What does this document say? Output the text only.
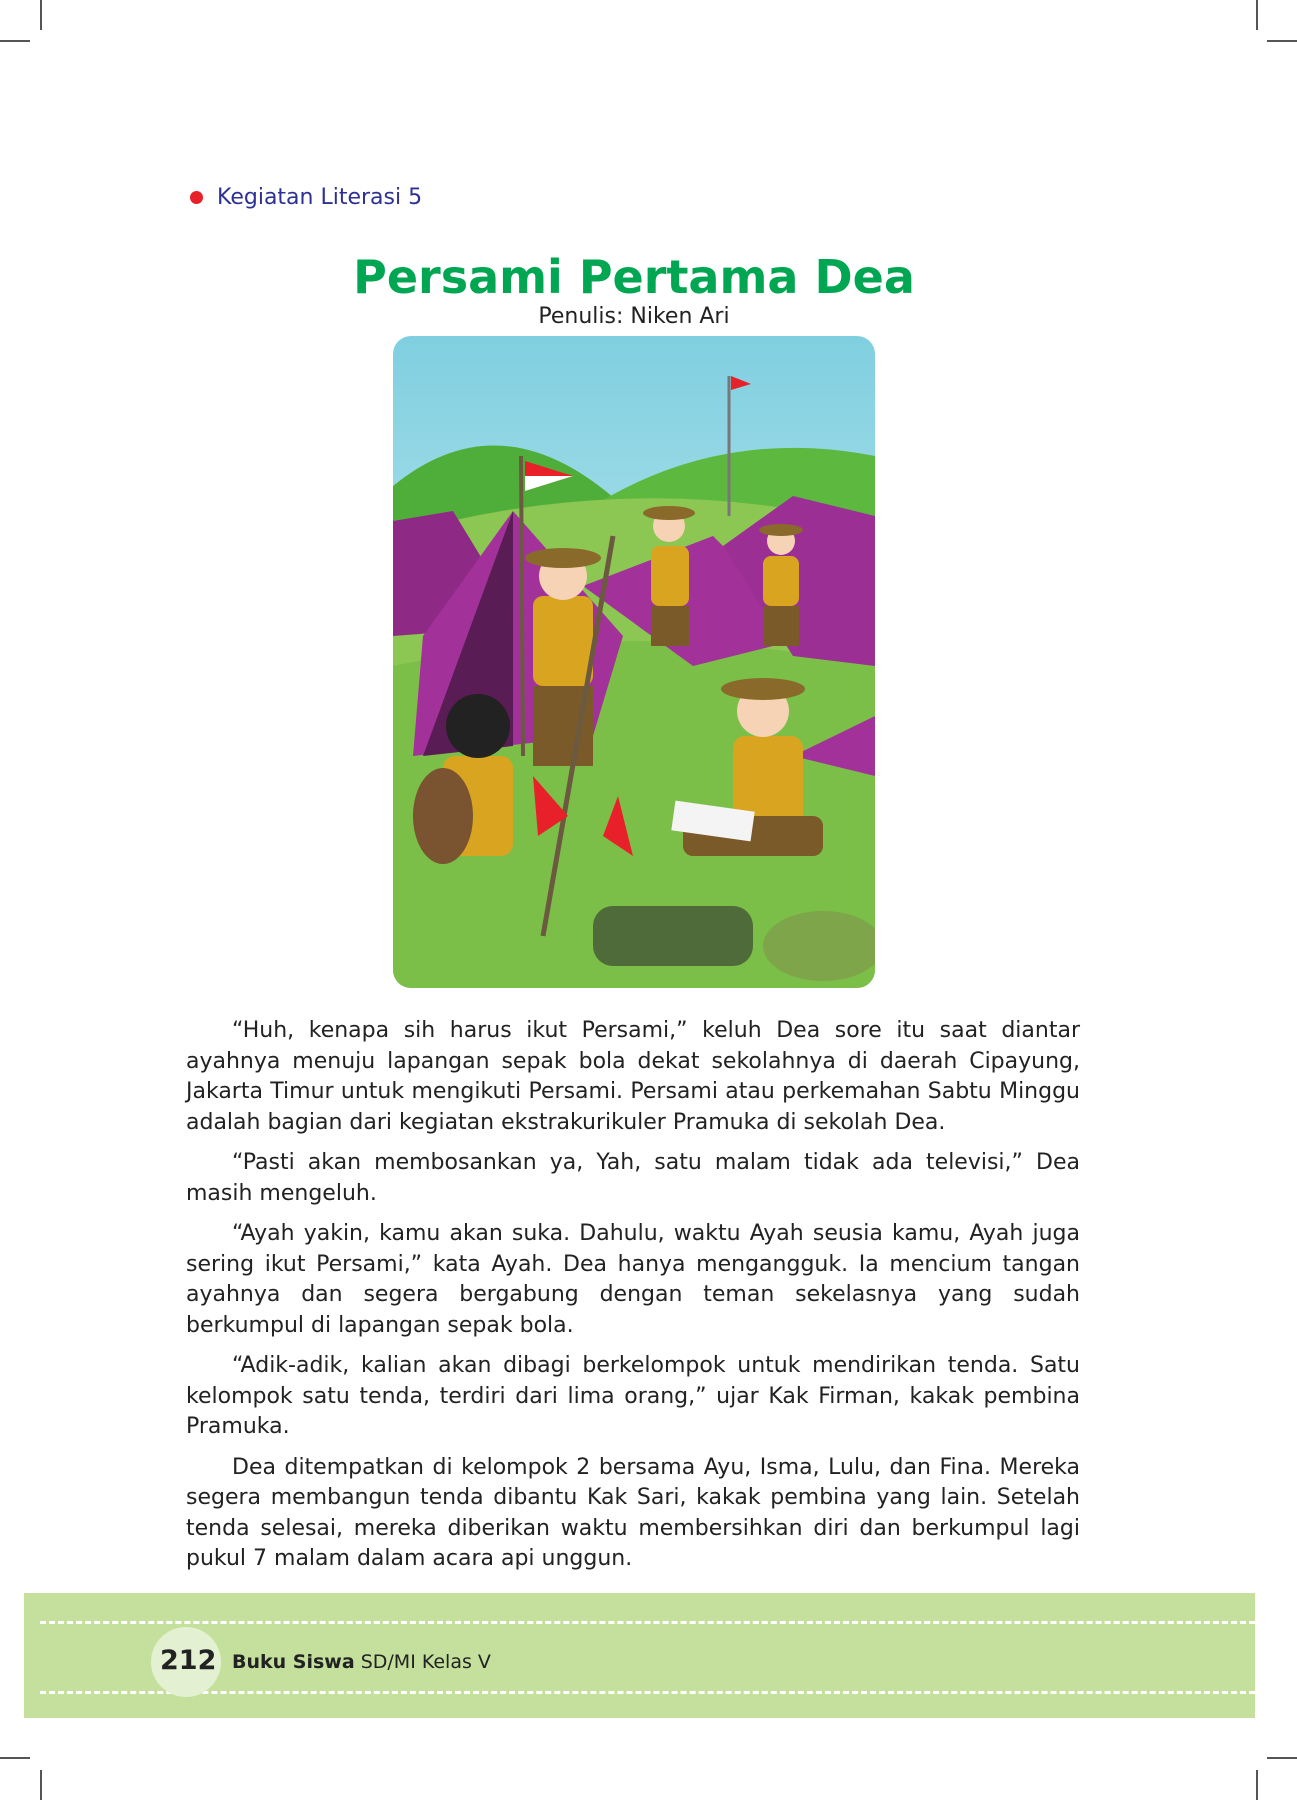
Kegiatan Literasi 5
Persami Pertama Dea
Penulis: Niken Ari

“Huh, kenapa sih harus ikut Persami,” keluh Dea sore itu saat diantar ayahnya menuju lapangan sepak bola dekat sekolahnya di daerah Cipayung, Jakarta Timur untuk mengikuti Persami. Persami atau perkemahan Sabtu Minggu adalah bagian dari kegiatan ekstrakurikuler Pramuka di sekolah Dea.

“Pasti akan membosankan ya, Yah, satu malam tidak ada televisi,” Dea masih mengeluh.

“Ayah yakin, kamu akan suka. Dahulu, waktu Ayah seusia kamu, Ayah juga sering ikut Persami,” kata Ayah. Dea hanya mengangguk. Ia mencium tangan ayahnya dan segera bergabung dengan teman sekelasnya yang sudah berkumpul di lapangan sepak bola.

“Adik-adik, kalian akan dibagi berkelompok untuk mendirikan tenda. Satu kelompok satu tenda, terdiri dari lima orang,” ujar Kak Firman, kakak pembina Pramuka.

Dea ditempatkan di kelompok 2 bersama Ayu, Isma, Lulu, dan Fina. Mereka segera membangun tenda dibantu Kak Sari, kakak pembina yang lain. Setelah tenda selesai, mereka diberikan waktu membersihkan diri dan berkumpul lagi pukul 7 malam dalam acara api unggun.

212 Buku Siswa SD/MI Kelas V
